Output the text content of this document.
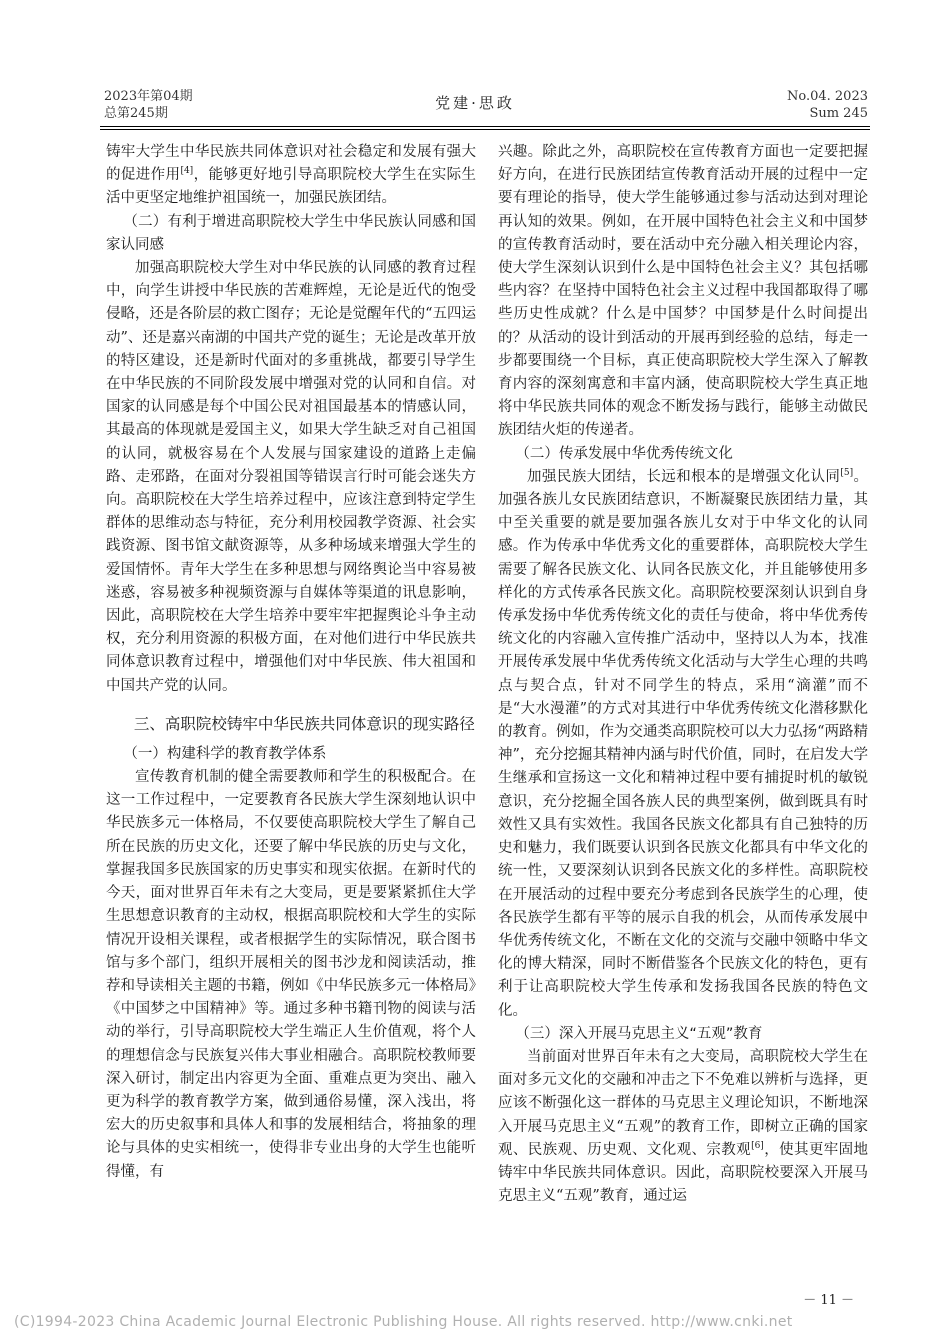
2023年第04期
总第245期
党建·思政	No.04. 2023
Sum 245

铸牢大学生中华民族共同体意识对社会稳定和发展有强大的促进作用[4]，能够更好地引导高职院校大学生在实际生活中更坚定地维护祖国统一，加强民族团结。

（二）有利于增进高职院校大学生中华民族认同感和国家认同感

加强高职院校大学生对中华民族的认同感的教育过程中，向学生讲授中华民族的苦难辉煌，无论是近代的饱受侵略，还是各阶层的救亡图存；无论是觉醒年代的“五四运动”、还是嘉兴南湖的中国共产党的诞生；无论是改革开放的特区建设，还是新时代面对的多重挑战，都要引导学生在中华民族的不同阶段发展中增强对党的认同和自信。对国家的认同感是每个中国公民对祖国最基本的情感认同，其最高的体现就是爱国主义，如果大学生缺乏对自己祖国的认同，就极容易在个人发展与国家建设的道路上走偏路、走邪路，在面对分裂祖国等错误言行时可能会迷失方向。高职院校在大学生培养过程中，应该注意到特定学生群体的思维动态与特征，充分利用校园教学资源、社会实践资源、图书馆文献资源等，从多种场域来增强大学生的爱国情怀。青年大学生在多种思想与网络舆论当中容易被迷惑，容易被多种视频资源与自媒体等渠道的讯息影响，因此，高职院校在大学生培养中要牢牢把握舆论斗争主动权，充分利用资源的积极方面，在对他们进行中华民族共同体意识教育过程中，增强他们对中华民族、伟大祖国和中国共产党的认同。

三、高职院校铸牢中华民族共同体意识的现实路径
（一）构建科学的教育教学体系

宣传教育机制的健全需要教师和学生的积极配合。在这一工作过程中，一定要教育各民族大学生深刻地认识中华民族多元一体格局，不仅要使高职院校大学生了解自己所在民族的历史文化，还要了解中华民族的历史与文化，掌握我国多民族国家的历史事实和现实依据。在新时代的今天，面对世界百年未有之大变局，更是要紧紧抓住大学生思想意识教育的主动权，根据高职院校和大学生的实际情况开设相关课程，或者根据学生的实际情况，联合图书馆与多个部门，组织开展相关的图书沙龙和阅读活动，推荐和导读相关主题的书籍，例如《中华民族多元一体格局》《中国梦之中国精神》等。通过多种书籍刊物的阅读与活动的举行，引导高职院校大学生端正人生价值观，将个人的理想信念与民族复兴伟大事业相融合。高职院校教师要深入研讨，制定出内容更为全面、重难点更为突出、融入更为科学的教育教学方案，做到通俗易懂，深入浅出，将宏大的历史叙事和具体人和事的发展相结合，将抽象的理论与具体的史实相统一，使得非专业出身的大学生也能听得懂，有

兴趣。除此之外，高职院校在宣传教育方面也一定要把握好方向，在进行民族团结宣传教育活动开展的过程中一定要有理论的指导，使大学生能够通过参与活动达到对理论再认知的效果。例如，在开展中国特色社会主义和中国梦的宣传教育活动时，要在活动中充分融入相关理论内容，使大学生深刻认识到什么是中国特色社会主义？其包括哪些内容？在坚持中国特色社会主义过程中我国都取得了哪些历史性成就？什么是中国梦？中国梦是什么时间提出的？从活动的设计到活动的开展再到经验的总结，每走一步都要围绕一个目标，真正使高职院校大学生深入了解教育内容的深刻寓意和丰富内涵，使高职院校大学生真正地将中华民族共同体的观念不断发扬与践行，能够主动做民族团结火炬的传递者。

（二）传承发展中华优秀传统文化

加强民族大团结，长远和根本的是增强文化认同[5]。加强各族儿女民族团结意识，不断凝聚民族团结力量，其中至关重要的就是要加强各族儿女对于中华文化的认同感。作为传承中华优秀文化的重要群体，高职院校大学生需要了解各民族文化、认同各民族文化，并且能够使用多样化的方式传承各民族文化。高职院校要深刻认识到自身传承发扬中华优秀传统文化的责任与使命，将中华优秀传统文化的内容融入宣传推广活动中，坚持以人为本，找准开展传承发展中华优秀传统文化活动与大学生心理的共鸣点与契合点，针对不同学生的特点，采用“滴灌”而不是“大水漫灌”的方式对其进行中华优秀传统文化潜移默化的教育。例如，作为交通类高职院校可以大力弘扬“两路精神”，充分挖掘其精神内涵与时代价值，同时，在启发大学生继承和宣扬这一文化和精神过程中要有捕捉时机的敏锐意识，充分挖掘全国各族人民的典型案例，做到既具有时效性又具有实效性。我国各民族文化都具有自己独特的历史和魅力，我们既要认识到各民族文化都具有中华文化的统一性，又要深刻认识到各民族文化的多样性。高职院校在开展活动的过程中要充分考虑到各民族学生的心理，使各民族学生都有平等的展示自我的机会，从而传承发展中华优秀传统文化，不断在文化的交流与交融中领略中华文化的博大精深，同时不断借鉴各个民族文化的特色，更有利于让高职院校大学生传承和发扬我国各民族的特色文化。

（三）深入开展马克思主义“五观”教育

当前面对世界百年未有之大变局，高职院校大学生在面对多元文化的交融和冲击之下不免难以辨析与选择，更应该不断强化这一群体的马克思主义理论知识，不断地深入开展马克思主义“五观”的教育工作，即树立正确的国家观、民族观、历史观、文化观、宗教观[6]，使其更牢固地铸牢中华民族共同体意识。因此，高职院校要深入开展马克思主义“五观”教育，通过运

－ 11 －
(C)1994-2023 China Academic Journal Electronic Publishing House. All rights reserved. http://www.cnki.net
